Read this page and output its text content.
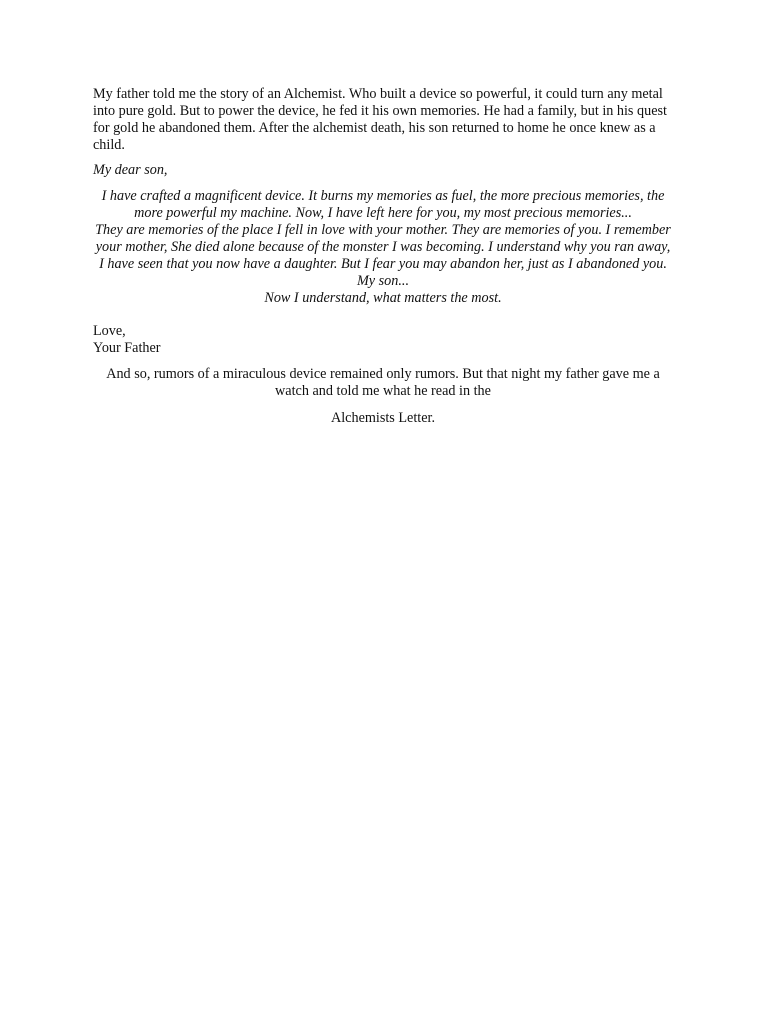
My father told me the story of an Alchemist. Who built a device so powerful, it could turn any metal into pure gold. But to power the device, he fed it his own memories. He had a family, but in his quest for gold he abandoned them. After the alchemist death, his son returned to home he once knew as a child.

My dear son,

I have crafted a magnificent device. It burns my memories as fuel, the more precious memories, the more powerful my machine. Now, I have left here for you, my most precious memories...
They are memories of the place I fell in love with your mother. They are memories of you. I remember your mother, She died alone because of the monster I was becoming. I understand why you ran away, I have seen that you now have a daughter. But I fear you may abandon her, just as I abandoned you.
My son...
Now I understand, what matters the most.
Love,
Your Father

And so, rumors of a miraculous device remained only rumors. But that night my father gave me a watch and told me what he read in the

Alchemists Letter.
